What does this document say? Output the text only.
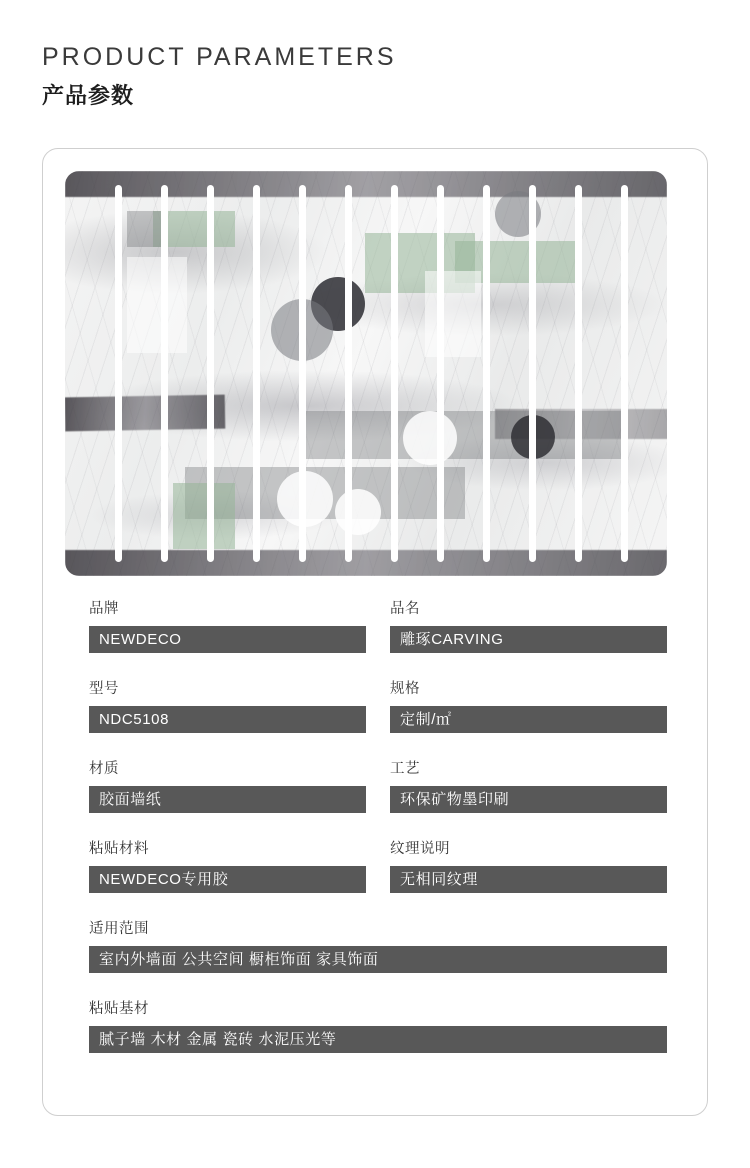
PRODUCT PARAMETERS
产品参数
品牌
NEWDECO
品名
雕琢CARVING
型号
NDC5108
规格
定制/㎡
材质
胶面墙纸
工艺
环保矿物墨印刷
粘贴材料
NEWDECO专用胶
纹理说明
无相同纹理
适用范围
室内外墙面 公共空间 橱柜饰面 家具饰面
粘贴基材
腻子墙 木材 金属 瓷砖 水泥压光等
